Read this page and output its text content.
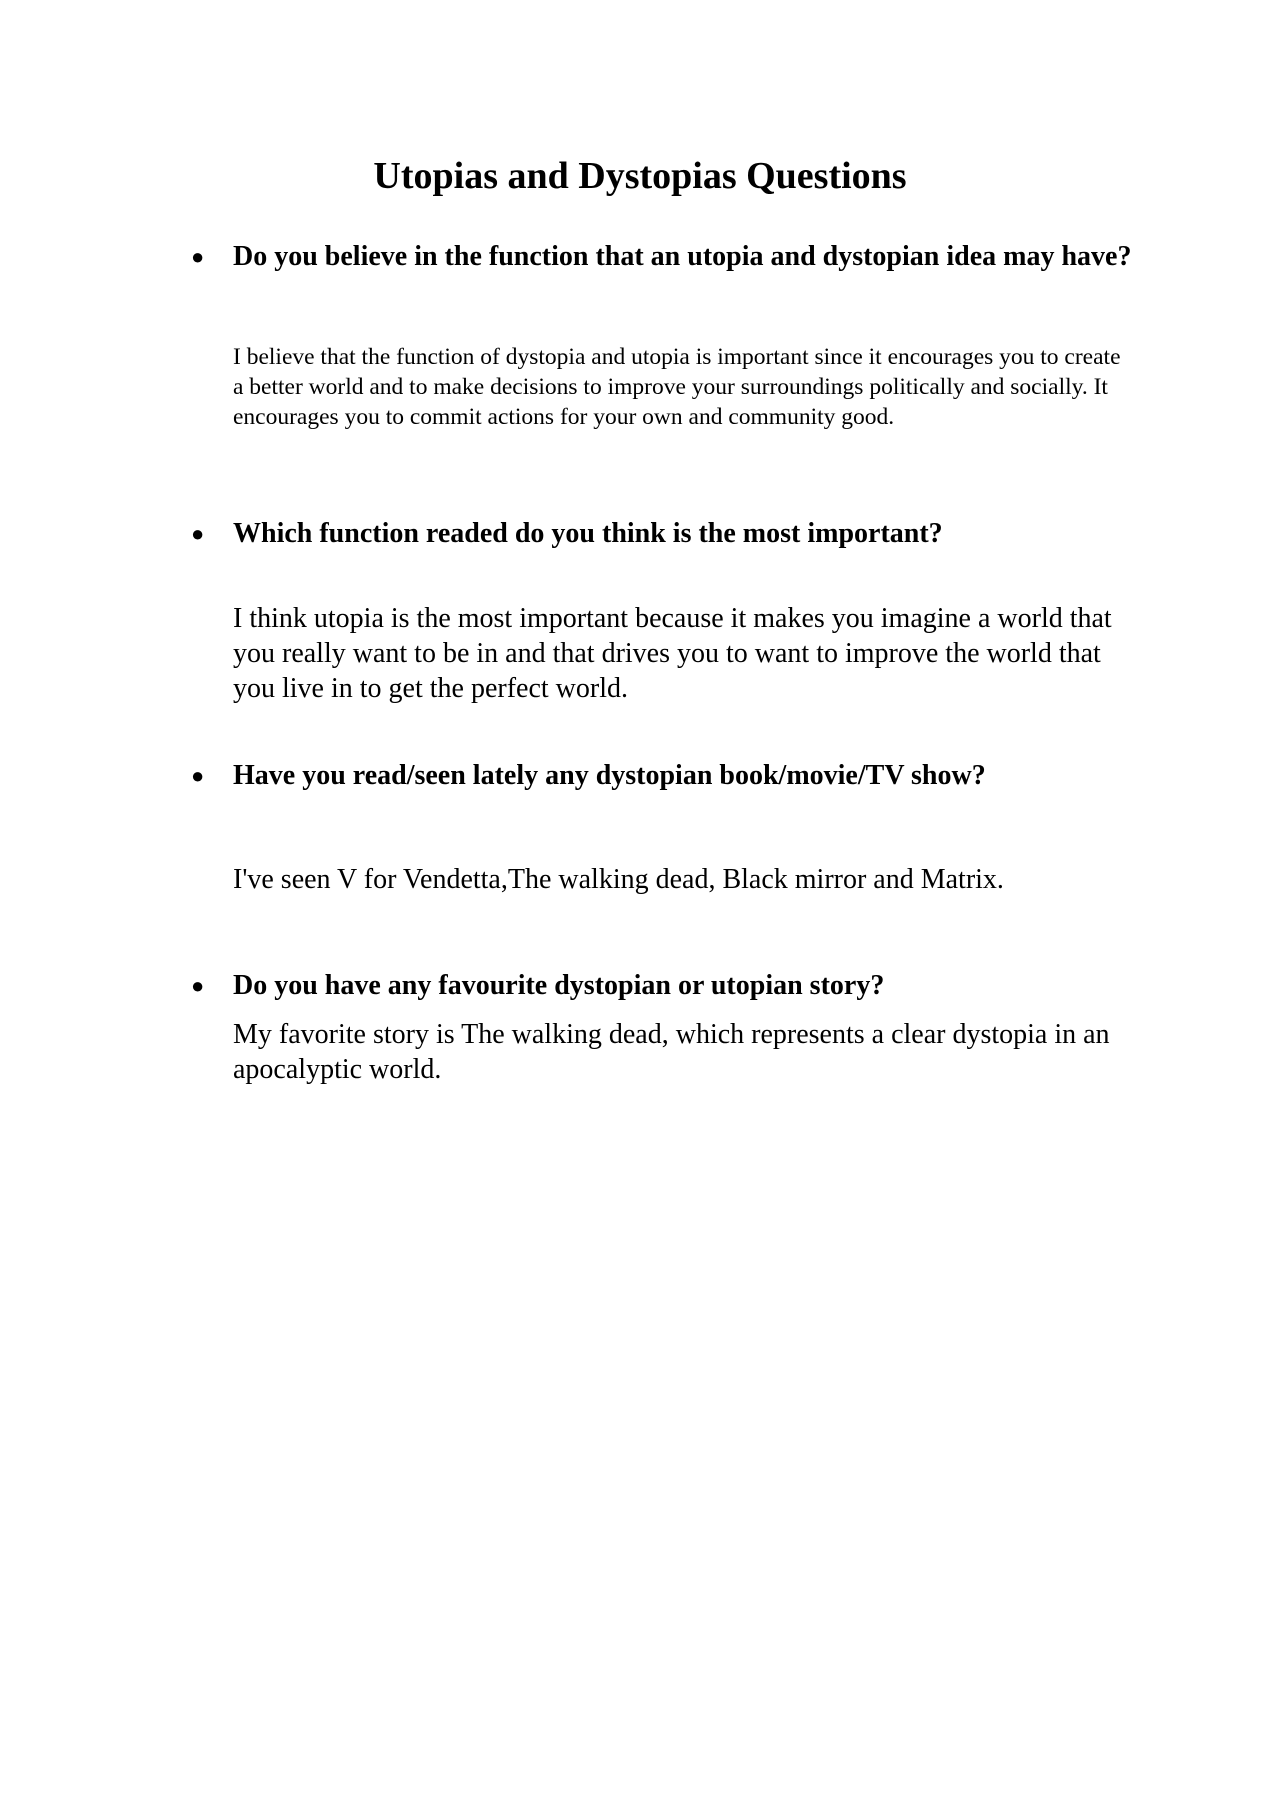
Utopias and Dystopias Questions
● Do you believe in the function that an utopia and dystopian idea may have?

I believe that the function of dystopia and utopia is important since it encourages you to create a better world and to make decisions to improve your surroundings politically and socially. It encourages you to commit actions for your own and community good.

● Which function readed do you think is the most important?

I think utopia is the most important because it makes you imagine a world that you really want to be in and that drives you to want to improve the world that you live in to get the perfect world.

● Have you read/seen lately any dystopian book/movie/TV show?

I've seen V for Vendetta,The walking dead, Black mirror and Matrix.

● Do you have any favourite dystopian or utopian story?

My favorite story is The walking dead, which represents a clear dystopia in an apocalyptic world.
